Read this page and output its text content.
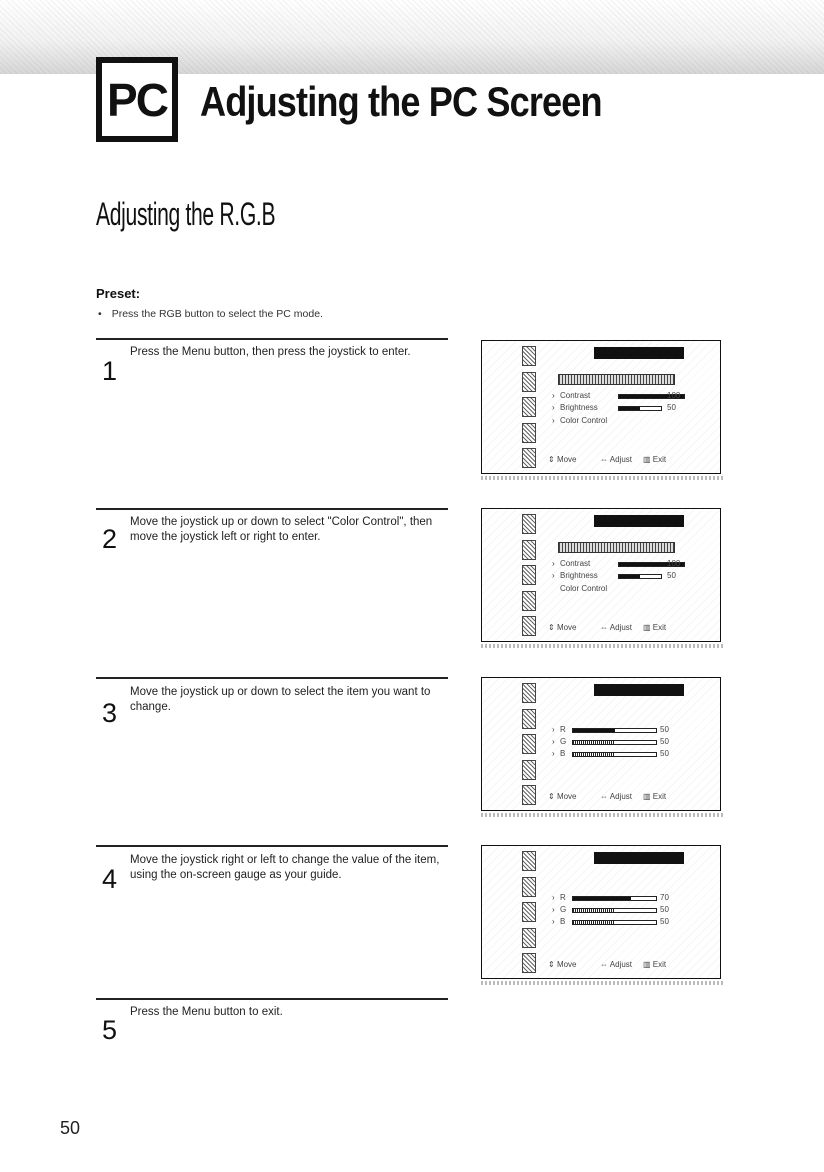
PC Adjusting the PC Screen
Adjusting the R.G.B
Preset:
• Press the RGB button to select the PC mode.
1
Press the Menu button, then press the joystick to enter.
2
Move the joystick up or down to select "Color Control", then move the joystick left or right to enter.
3
Move the joystick up or down to select the item you want to change.
4
Move the joystick right or left to change the value of the item, using the on-screen gauge as your guide.
5
Press the Menu button to exit.
› Contrast	100
› Brightness	50
› Color Control
⇕ Move	⇔ Adjust ▥ Exit
› Contrast	100
› Brightness	50
Color Control
⇕ Move	⇔ Adjust ▥ Exit
› R	50
› G	50
› B	50
⇕ Move	⇔ Adjust ▥ Exit
› R	70
› G	50
› B	50
⇕ Move	⇔ Adjust ▥ Exit
50
